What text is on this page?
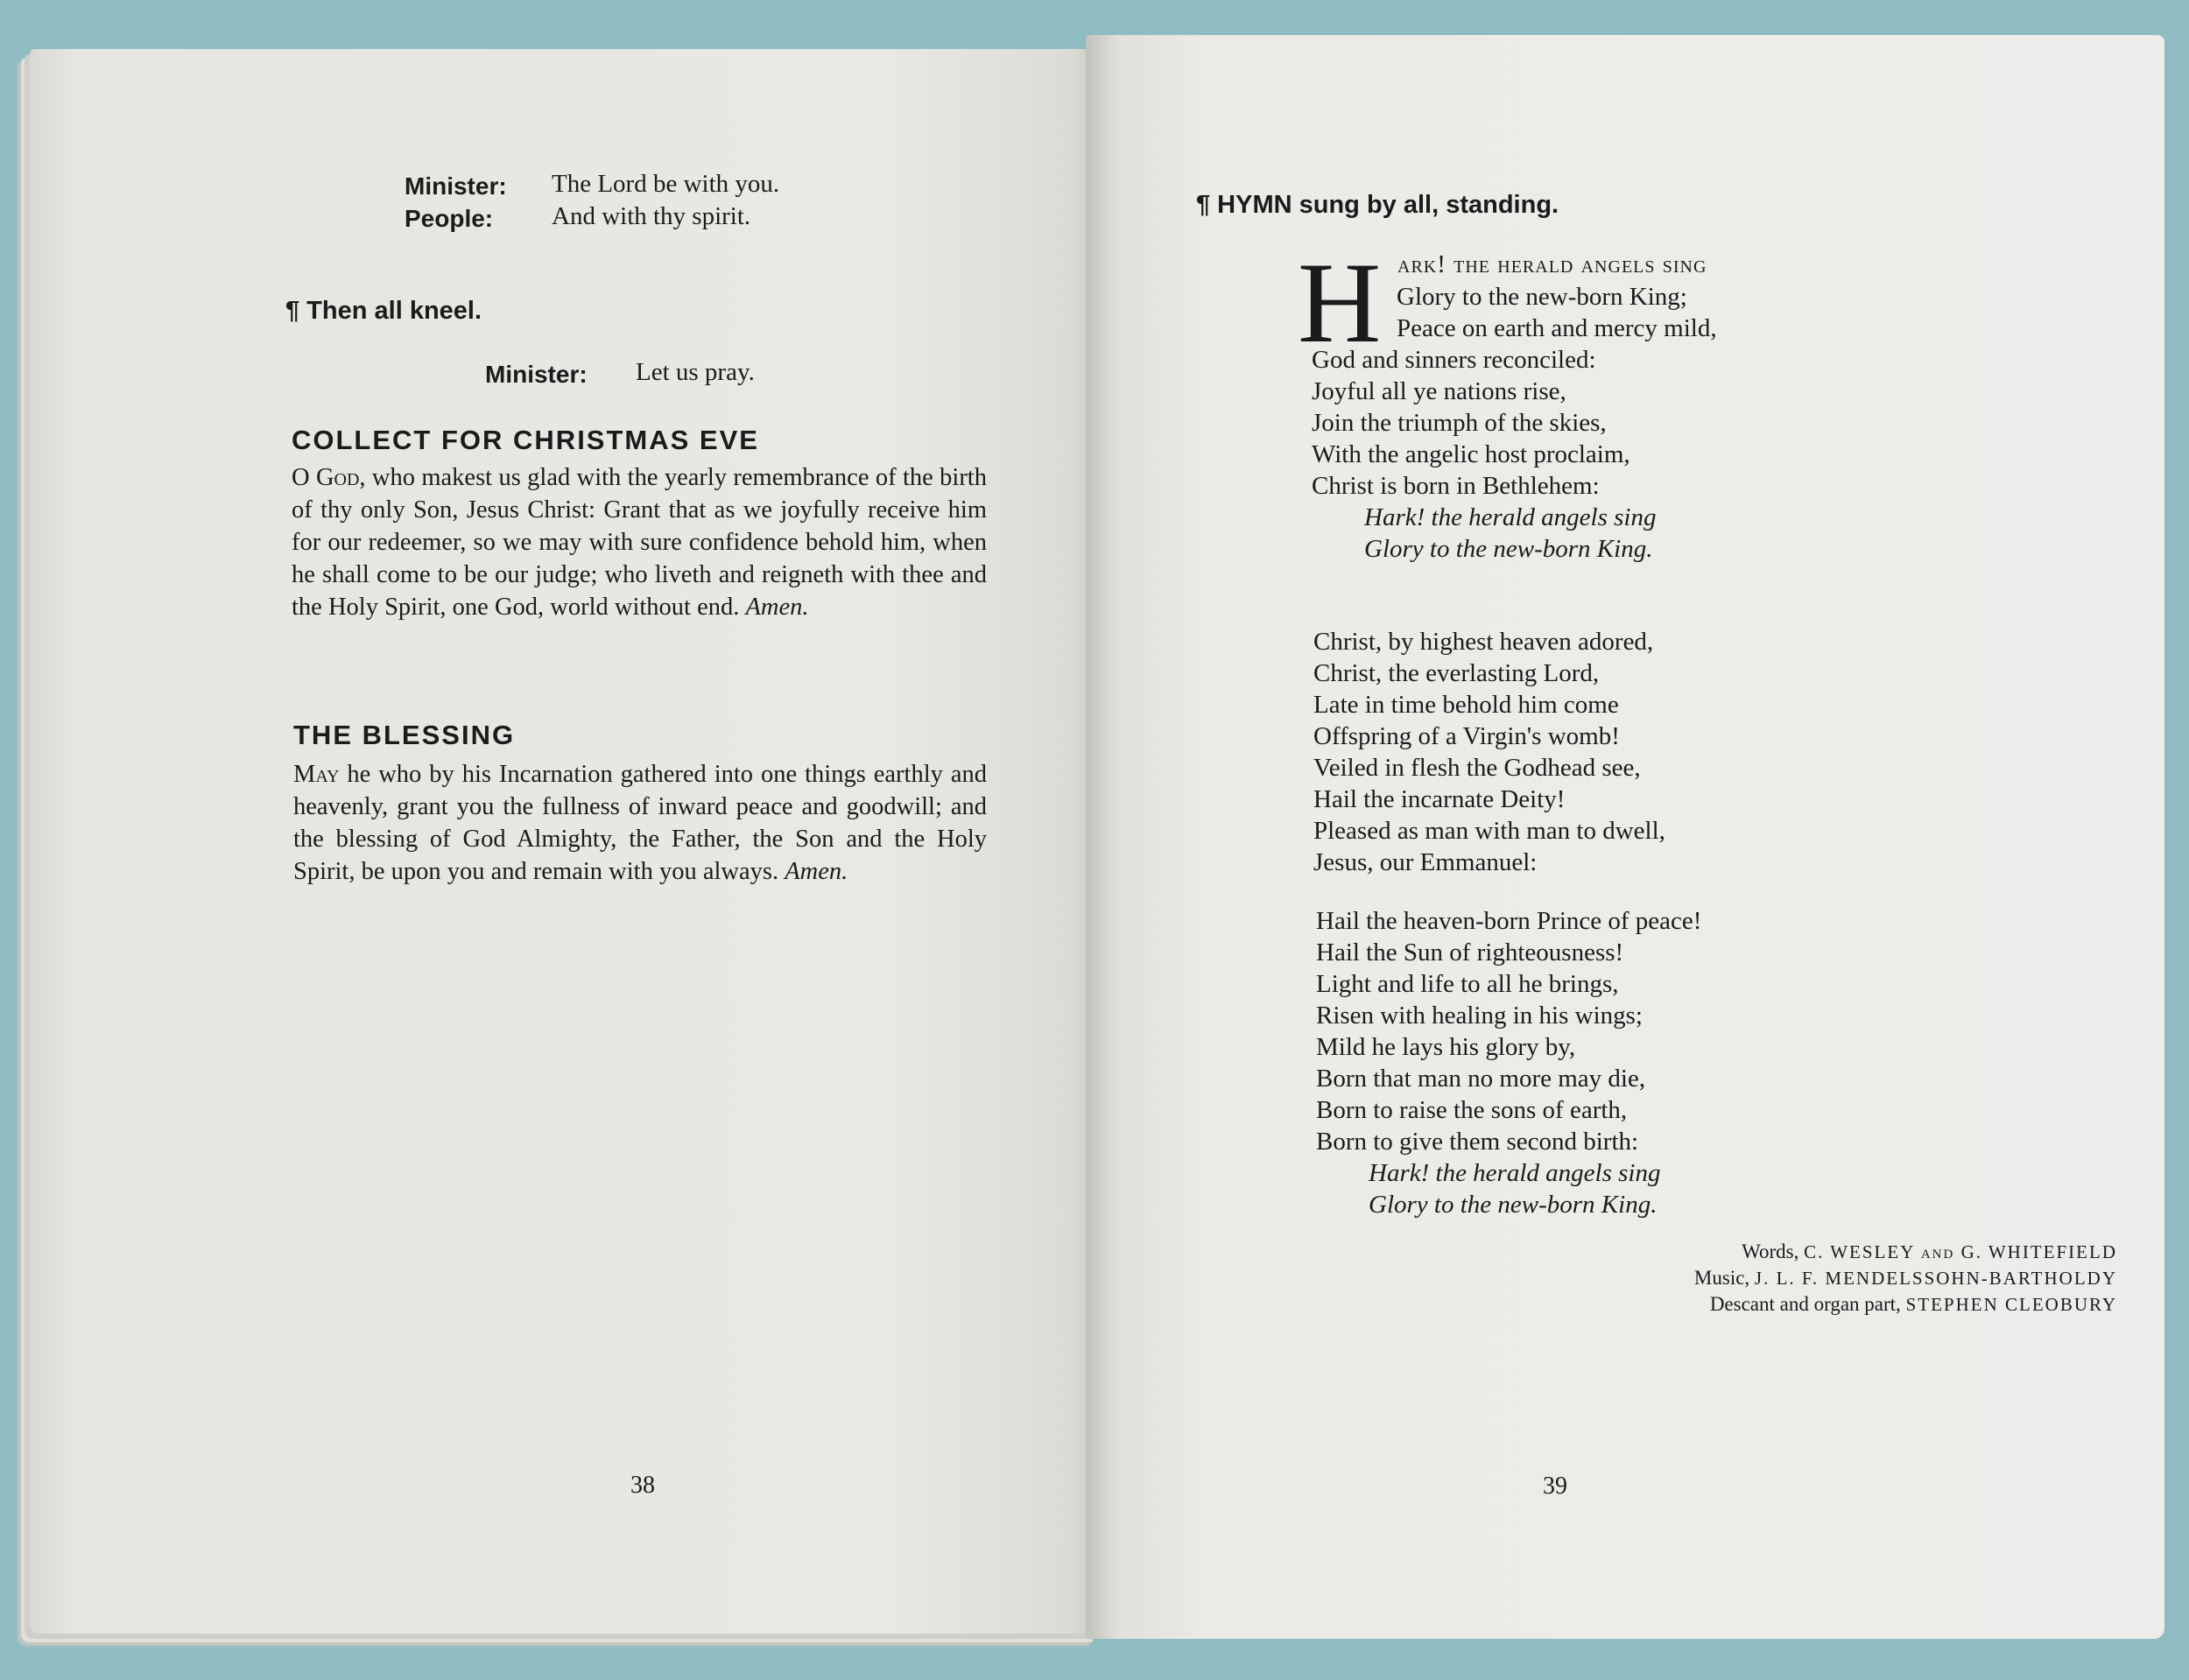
Minister: The Lord be with you.
People: And with thy spirit.
¶ Then all kneel.
Minister: Let us pray.
COLLECT FOR CHRISTMAS EVE
O God, who makest us glad with the yearly remembrance of the birth of thy only Son, Jesus Christ: Grant that as we joyfully receive him for our redeemer, so we may with sure confidence behold him, when he shall come to be our judge; who liveth and reigneth with thee and the Holy Spirit, one God, world without end. Amen.
THE BLESSING
May he who by his Incarnation gathered into one things earthly and heavenly, grant you the fullness of inward peace and goodwill; and the blessing of God Almighty, the Father, the Son and the Holy Spirit, be upon you and remain with you always. Amen.
38
¶ HYMN sung by all, standing.
H ark! the herald angels sing
Glory to the new-born King;
Peace on earth and mercy mild,
God and sinners reconciled:
Joyful all ye nations rise,
Join the triumph of the skies,
With the angelic host proclaim,
Christ is born in Bethlehem:
Hark! the herald angels sing
Glory to the new-born King.
Christ, by highest heaven adored,
Christ, the everlasting Lord,
Late in time behold him come
Offspring of a Virgin's womb!
Veiled in flesh the Godhead see,
Hail the incarnate Deity!
Pleased as man with man to dwell,
Jesus, our Emmanuel:
Hail the heaven-born Prince of peace!
Hail the Sun of righteousness!
Light and life to all he brings,
Risen with healing in his wings;
Mild he lays his glory by,
Born that man no more may die,
Born to raise the sons of earth,
Born to give them second birth:
Hark! the herald angels sing
Glory to the new-born King.
Words, C. WESLEY and G. WHITEFIELD
Music, J. L. F. MENDELSSOHN-BARTHOLDY
Descant and organ part, STEPHEN CLEOBURY
39
